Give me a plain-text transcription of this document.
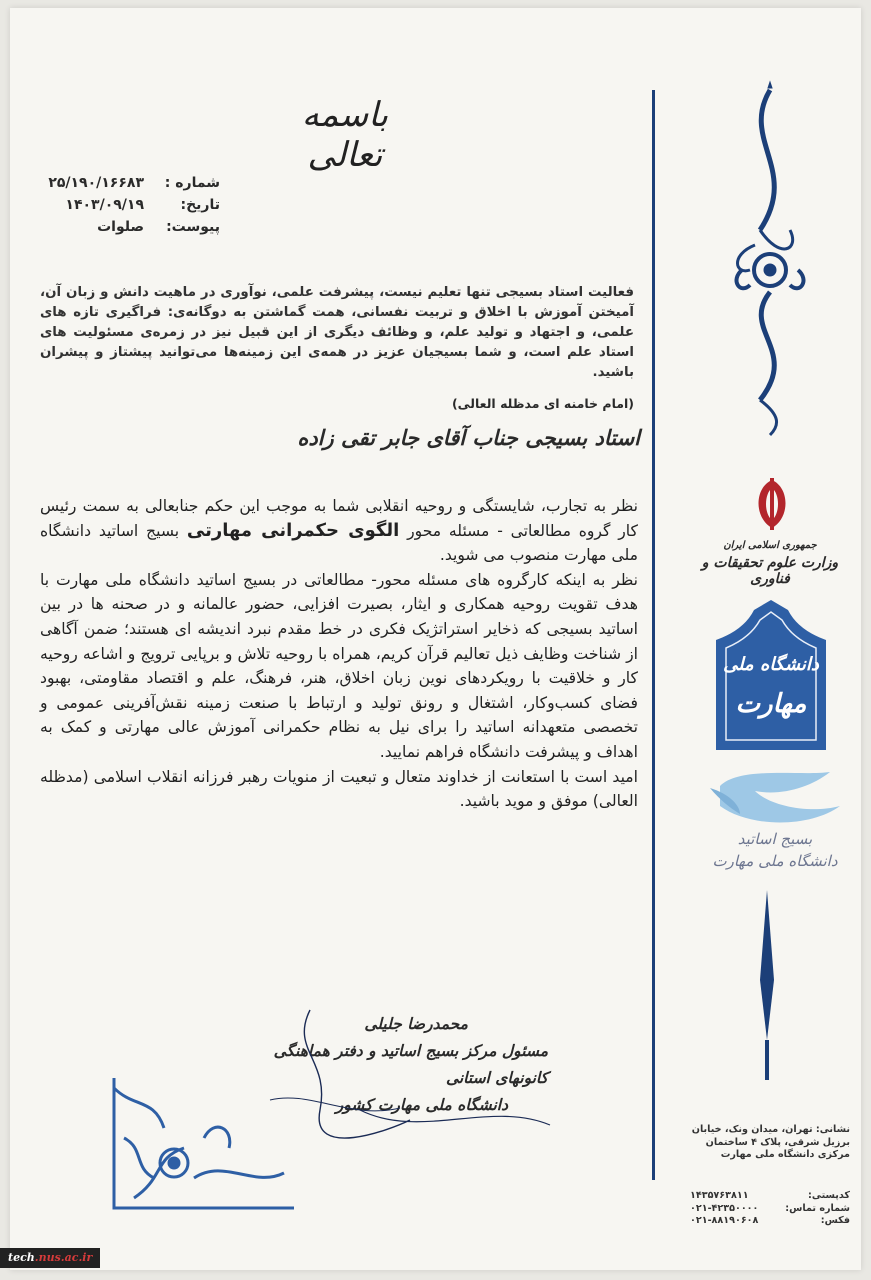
باسمه تعالی
شماره :
۲۵/۱۹۰/۱۶۶۸۳
تاریخ:
۱۴۰۳/۰۹/۱۹
پیوست:
صلوات
فعالیت استاد بسیجی تنها تعلیم نیست، پیشرفت علمی، نوآوری در ماهیت دانش و زبان آن، آمیختن آموزش با اخلاق و تربیت نفسانی، همت گماشتن به دوگانه‌ی: فراگیری تازه های علمی، و اجتهاد و تولید علم، و وظائف دیگری از این قبیل نیز در زمره‌ی مسئولیت های استاد علم است، و شما بسیجیان عزیز در همه‌ی این زمینه‌ها می‌توانید پیشتاز و پیشران باشید.
(امام خامنه ای مدظله العالی)
استاد بسیجی جناب آقای جابر تقی زاده

نظر به تجارب، شایستگی و روحیه انقلابی شما به موجب این حکم جنابعالی به سمت رئیس کار گروه مطالعاتی - مسئله محور الگوی حکمرانی مهارتی بسیج اساتید دانشگاه ملی مهارت منصوب می شوید.

نظر به اینکه کارگروه های مسئله محور- مطالعاتی در بسیج اساتید دانشگاه ملی مهارت با هدف تقویت روحیه همکاری و ایثار، بصیرت افزایی، حضور عالمانه و در صحنه ها در بین اساتید بسیجی که ذخایر استراتژیک فکری در خط مقدم نبرد اندیشه ای هستند؛ ضمن آگاهی از شناخت وظایف ذیل تعالیم قرآن کریم، همراه با روحیه تلاش و برپایی ترویج و اشاعه روحیه کار و خلاقیت با رویکردهای نوین زبان اخلاق، هنر، فرهنگ، علم و اقتصاد مقاومتی، بهبود فضای کسب‌وکار، اشتغال و رونق تولید و ارتباط با صنعت زمینه نقش‌آفرینی عمومی و تخصصی متعهدانه اساتید را برای نیل به نظام حکمرانی آموزش عالی مهارتی و کمک به اهداف و پیشرفت دانشگاه فراهم نمایید.

امید است با استعانت از خداوند متعال و تبعیت از منویات رهبر فرزانه انقلاب اسلامی (مدظله العالی) موفق و موید باشید.

محمدرضا جلیلی
مسئول مرکز بسیج اساتید و دفتر هماهنگی کانونهای استانی
دانشگاه ملی مهارت کشور
جمهوری اسلامی ایران
وزارت علوم تحقیقات و فناوری
دانشگاه ملی
مهارت
بسیج اساتید
دانشگاه ملی مهارت
نشانی: تهران، میدان ونک، خیابان برزیل شرقی، پلاک ۴ ساختمان مرکزی دانشگاه ملی مهارت
کدپستی:
۱۴۳۵۷۶۳۸۱۱
شماره تماس:
۰۲۱-۴۲۳۵۰۰۰۰
فکس:
۰۲۱-۸۸۱۹۰۶۰۸
tech.nus.ac.ir
